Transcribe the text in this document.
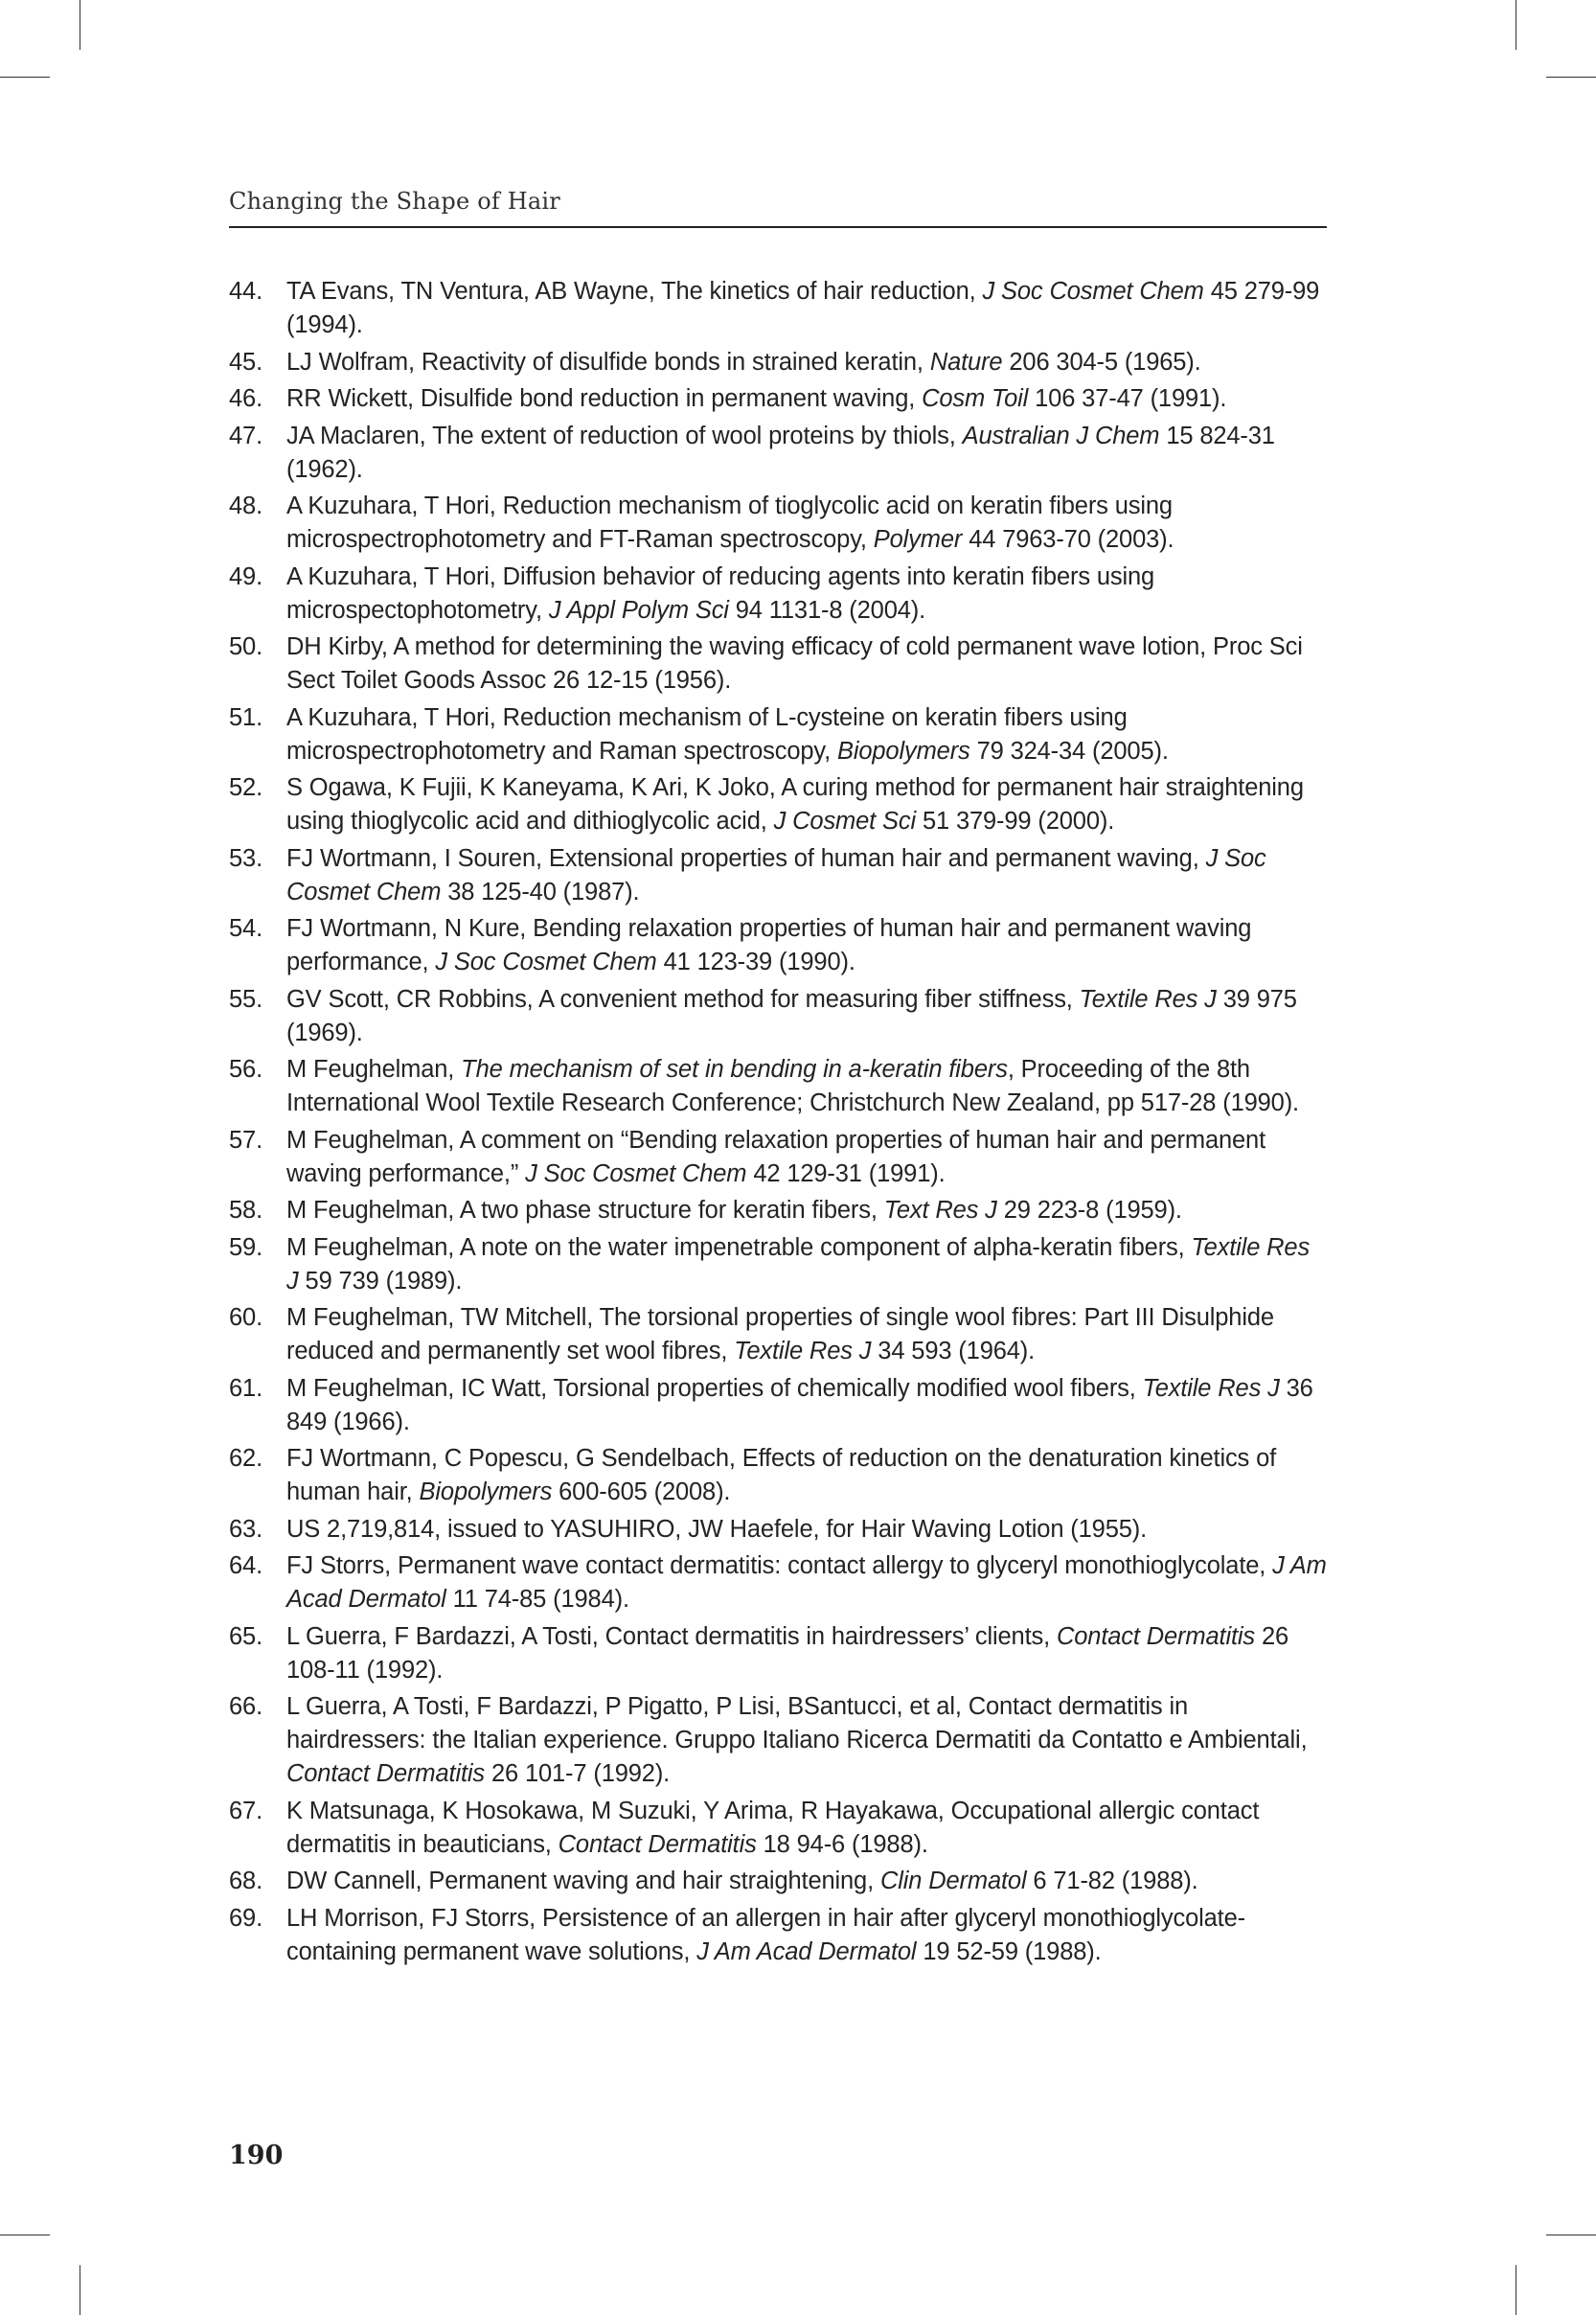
Changing the Shape of Hair
44. TA Evans, TN Ventura, AB Wayne, The kinetics of hair reduction, J Soc Cosmet Chem 45 279-99 (1994).
45. LJ Wolfram, Reactivity of disulfide bonds in strained keratin, Nature 206 304-5 (1965).
46. RR Wickett, Disulfide bond reduction in permanent waving, Cosm Toil 106 37-47 (1991).
47. JA Maclaren, The extent of reduction of wool proteins by thiols, Australian J Chem 15 824-31 (1962).
48. A Kuzuhara, T Hori, Reduction mechanism of tioglycolic acid on keratin fibers using microspectrophotometry and FT-Raman spectroscopy, Polymer 44 7963-70 (2003).
49. A Kuzuhara, T Hori, Diffusion behavior of reducing agents into keratin fibers using microspectophotometry, J Appl Polym Sci 94 1131-8 (2004).
50. DH Kirby, A method for determining the waving efficacy of cold permanent wave lotion, Proc Sci Sect Toilet Goods Assoc 26 12-15 (1956).
51. A Kuzuhara, T Hori, Reduction mechanism of L-cysteine on keratin fibers using microspectrophotometry and Raman spectroscopy, Biopolymers 79 324-34 (2005).
52. S Ogawa, K Fujii, K Kaneyama, K Ari, K Joko, A curing method for permanent hair straightening using thioglycolic acid and dithioglycolic acid, J Cosmet Sci 51 379-99 (2000).
53. FJ Wortmann, I Souren, Extensional properties of human hair and permanent waving, J Soc Cosmet Chem 38 125-40 (1987).
54. FJ Wortmann, N Kure, Bending relaxation properties of human hair and permanent waving performance, J Soc Cosmet Chem 41 123-39 (1990).
55. GV Scott, CR Robbins, A convenient method for measuring fiber stiffness, Textile Res J 39 975 (1969).
56. M Feughelman, The mechanism of set in bending in a-keratin fibers, Proceeding of the 8th International Wool Textile Research Conference; Christchurch New Zealand, pp 517-28 (1990).
57. M Feughelman, A comment on “Bending relaxation properties of human hair and permanent waving performance,” J Soc Cosmet Chem 42 129-31 (1991).
58. M Feughelman, A two phase structure for keratin fibers, Text Res J 29 223-8 (1959).
59. M Feughelman, A note on the water impenetrable component of alpha-keratin fibers, Textile Res J 59 739 (1989).
60. M Feughelman, TW Mitchell, The torsional properties of single wool fibres: Part III Disulphide reduced and permanently set wool fibres, Textile Res J 34 593 (1964).
61. M Feughelman, IC Watt, Torsional properties of chemically modified wool fibers, Textile Res J 36 849 (1966).
62. FJ Wortmann, C Popescu, G Sendelbach, Effects of reduction on the denaturation kinetics of human hair, Biopolymers 600-605 (2008).
63. US 2,719,814, issued to YASUHIRO, JW Haefele, for Hair Waving Lotion (1955).
64. FJ Storrs, Permanent wave contact dermatitis: contact allergy to glyceryl monothioglycolate, J Am Acad Dermatol 11 74-85 (1984).
65. L Guerra, F Bardazzi, A Tosti, Contact dermatitis in hairdressers’ clients, Contact Dermatitis 26 108-11 (1992).
66. L Guerra, A Tosti, F Bardazzi, P Pigatto, P Lisi, BSantucci, et al, Contact dermatitis in hairdressers: the Italian experience. Gruppo Italiano Ricerca Dermatiti da Contatto e Ambientali, Contact Dermatitis 26 101-7 (1992).
67. K Matsunaga, K Hosokawa, M Suzuki, Y Arima, R Hayakawa, Occupational allergic contact dermatitis in beauticians, Contact Dermatitis 18 94-6 (1988).
68. DW Cannell, Permanent waving and hair straightening, Clin Dermatol 6 71-82 (1988).
69. LH Morrison, FJ Storrs, Persistence of an allergen in hair after glyceryl monothioglycolate-containing permanent wave solutions, J Am Acad Dermatol 19 52-59 (1988).
190
